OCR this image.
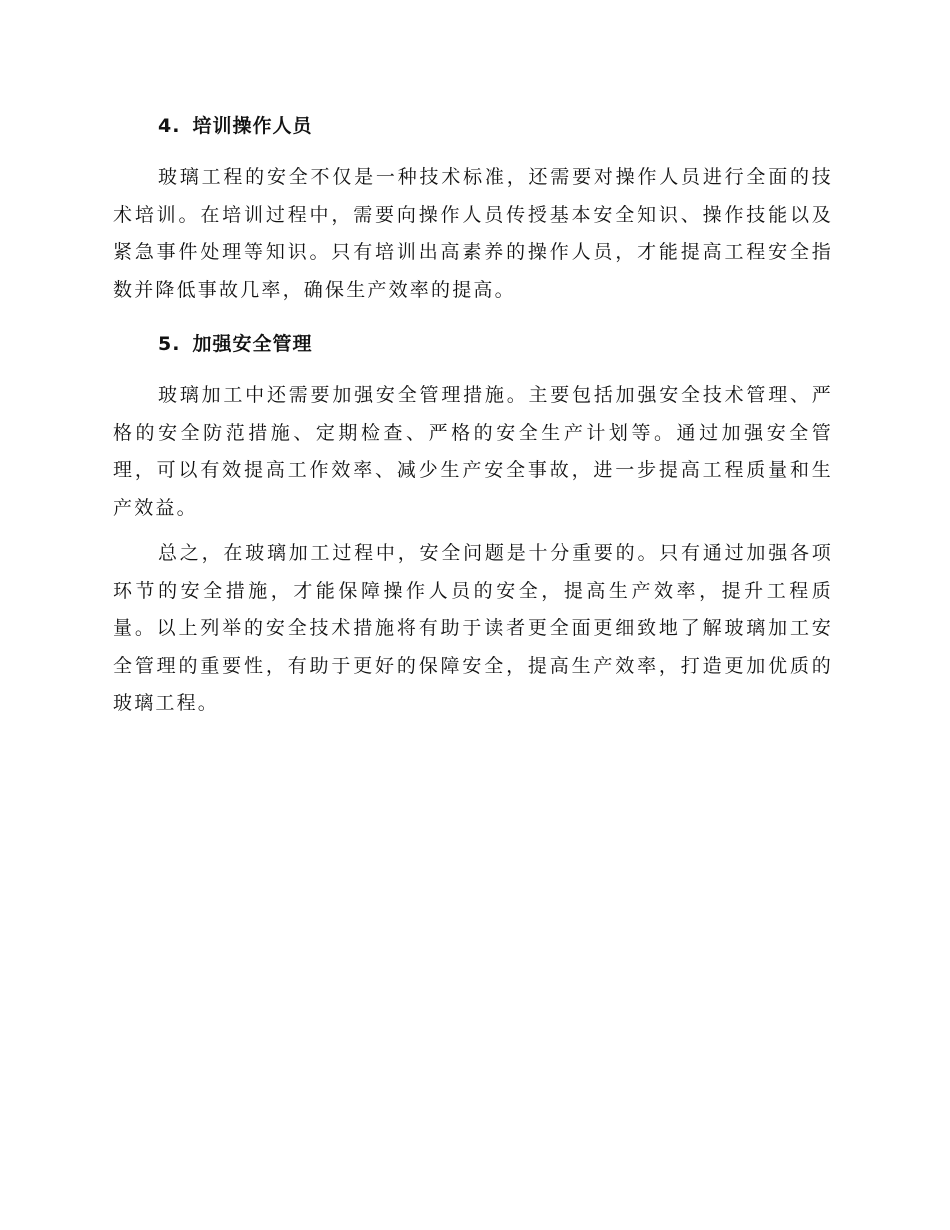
4. 培训操作人员

玻璃工程的安全不仅是一种技术标准，还需要对操作人员进行全面的技术培训。在培训过程中，需要向操作人员传授基本安全知识、操作技能以及紧急事件处理等知识。只有培训出高素养的操作人员，才能提高工程安全指数并降低事故几率，确保生产效率的提高。

5. 加强安全管理

玻璃加工中还需要加强安全管理措施。主要包括加强安全技术管理、严格的安全防范措施、定期检查、严格的安全生产计划等。通过加强安全管理，可以有效提高工作效率、减少生产安全事故，进一步提高工程质量和生产效益。

总之，在玻璃加工过程中，安全问题是十分重要的。只有通过加强各项环节的安全措施，才能保障操作人员的安全，提高生产效率，提升工程质量。以上列举的安全技术措施将有助于读者更全面更细致地了解玻璃加工安全管理的重要性，有助于更好的保障安全，提高生产效率，打造更加优质的玻璃工程。
